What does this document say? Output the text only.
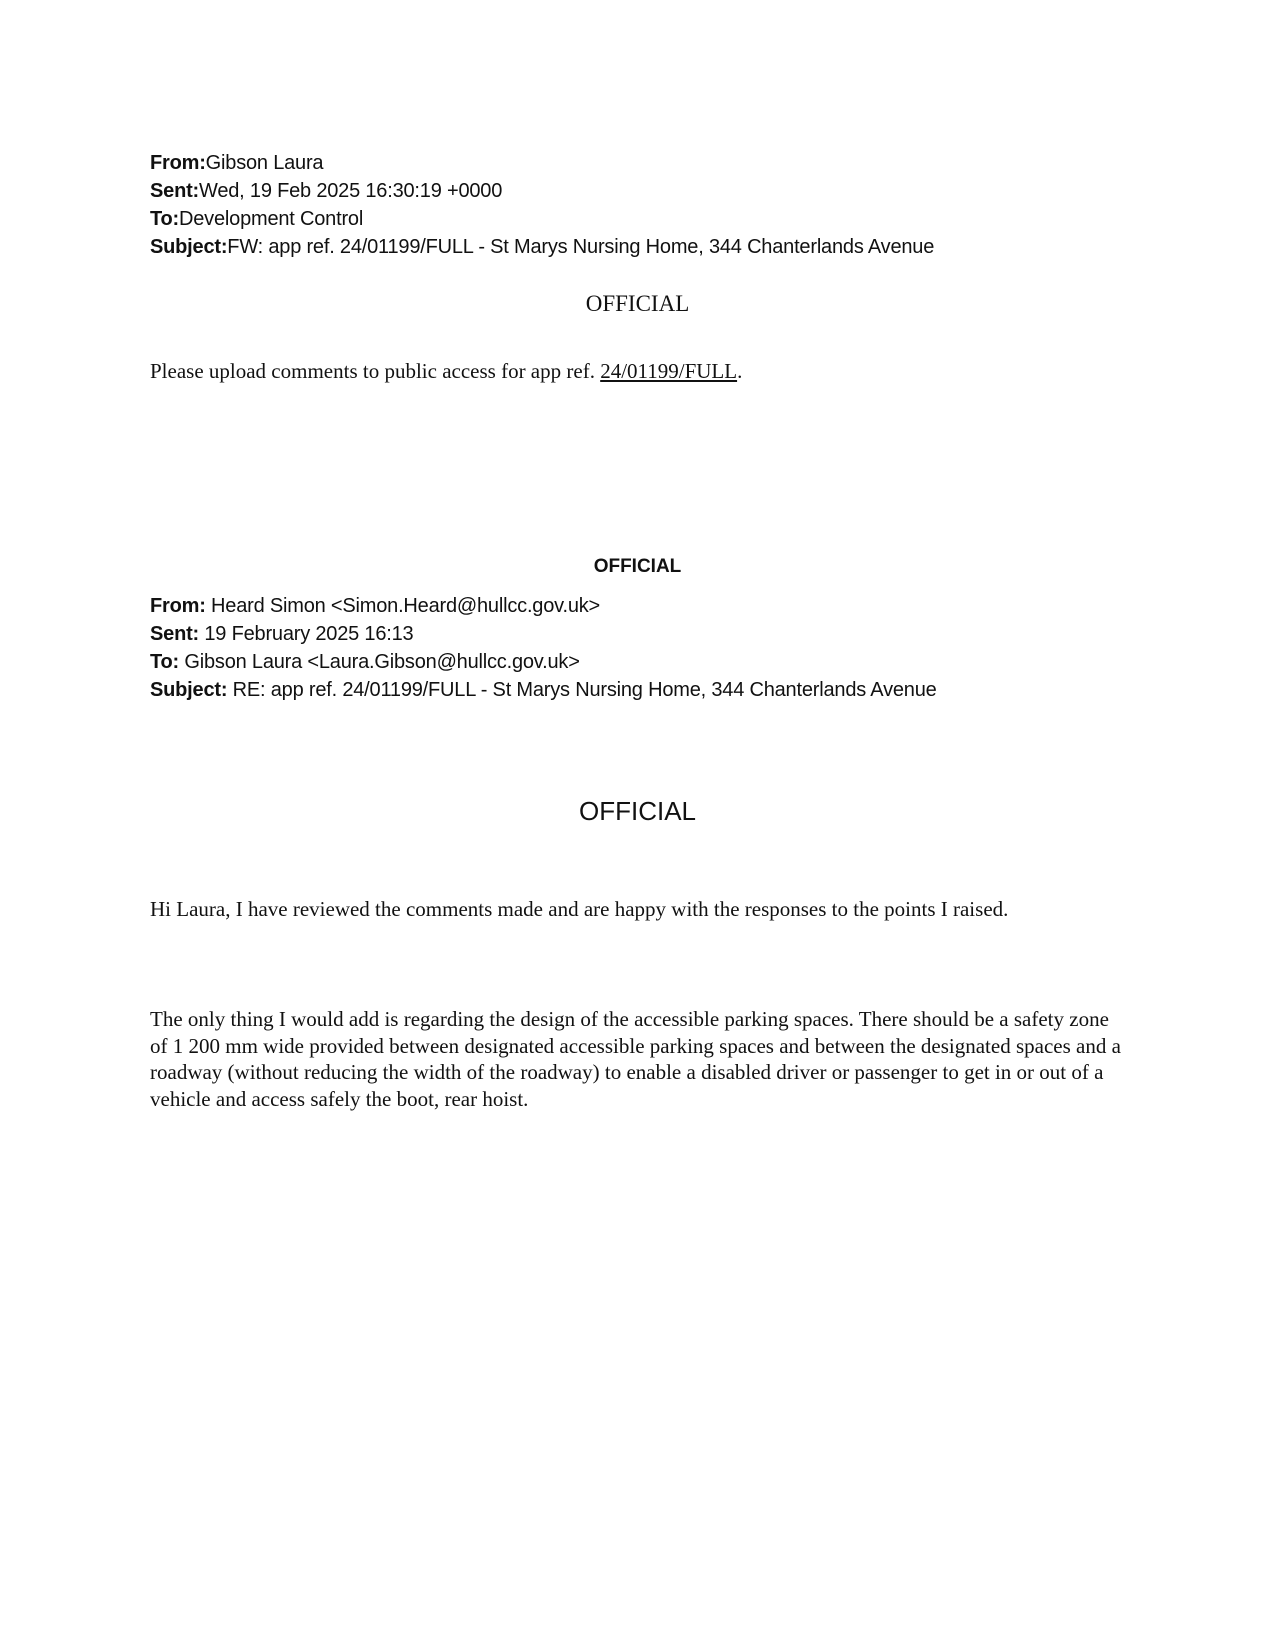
From:Gibson Laura
Sent:Wed, 19 Feb 2025 16:30:19 +0000
To:Development Control
Subject:FW: app ref. 24/01199/FULL - St Marys Nursing Home, 344 Chanterlands Avenue
OFFICIAL
Please upload comments to public access for app ref. 24/01199/FULL.
OFFICIAL
From: Heard Simon <Simon.Heard@hullcc.gov.uk>
Sent: 19 February 2025 16:13
To: Gibson Laura <Laura.Gibson@hullcc.gov.uk>
Subject: RE: app ref. 24/01199/FULL - St Marys Nursing Home, 344 Chanterlands Avenue
OFFICIAL
Hi Laura, I have reviewed the comments made and are happy with the responses to the points I raised.
The only thing I would add is regarding the design of the accessible parking spaces. There should be a safety zone of 1 200 mm wide provided between designated accessible parking spaces and between the designated spaces and a roadway (without reducing the width of the roadway) to enable a disabled driver or passenger to get in or out of a vehicle and access safely the boot, rear hoist.
